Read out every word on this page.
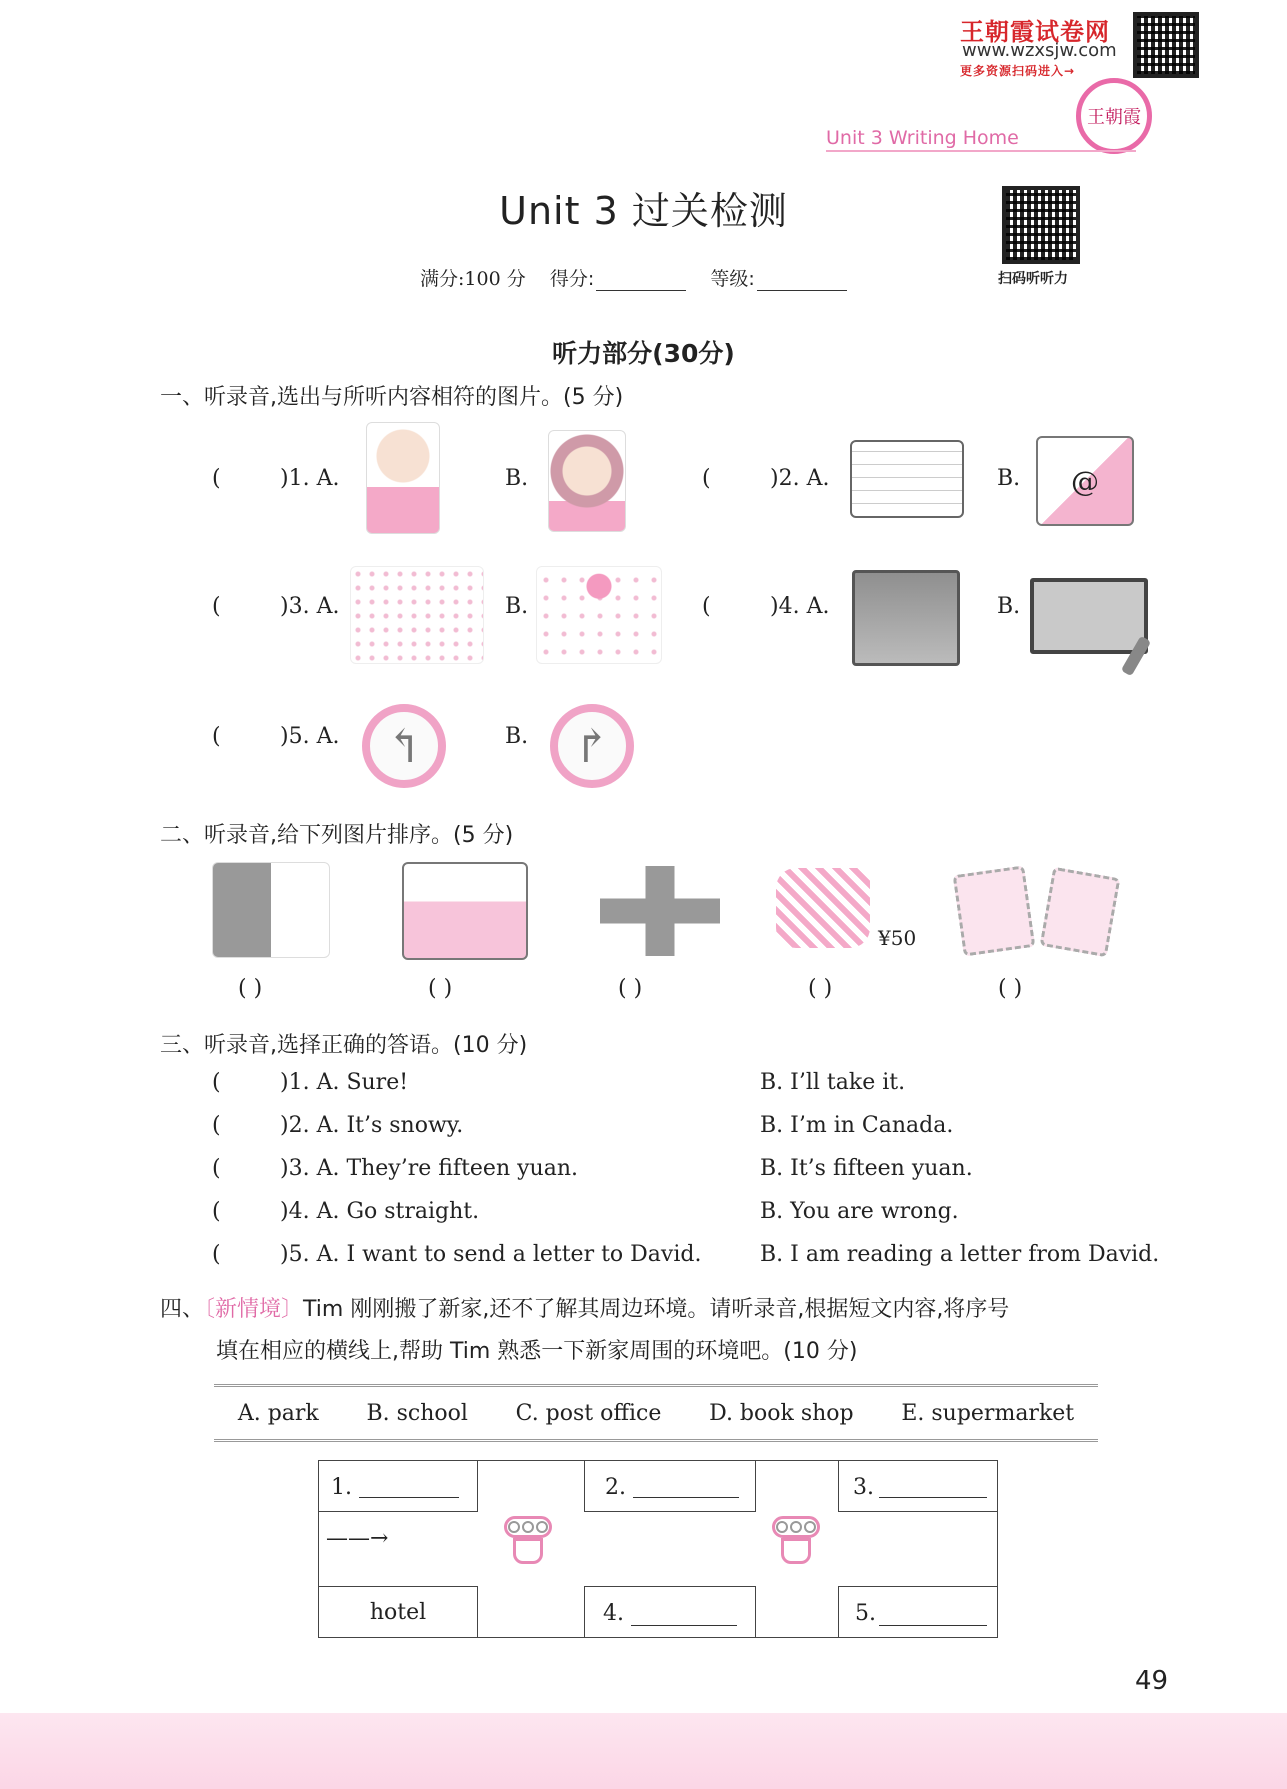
王朝霞试卷网
www.wzxsjw.com
更多资源扫码进入→
王朝霞
Unit 3 Writing Home
Unit 3 过关检测
扫码听听力
满分:100 分 得分:	等级:
听力部分(30分)
一、听录音,选出与所听内容相符的图片。(5 分)
(	)1. A.	B.	(	)2. A.	B. @
(	)3. A.	B.	(	)4. A.	B.
(	)5. A. ↰	B. ↱
二、听录音,给下列图片排序。(5 分)
¥50
( )	( )	( )	( )	( )
三、听录音,选择正确的答语。(10 分)
(	)1. A. Sure!	B. I’ll take it.
(	)2. A. It’s snowy.	B. I’m in Canada.
(	)3. A. They’re fifteen yuan.	B. It’s fifteen yuan.
(	)4. A. Go straight.	B. You are wrong.
(	)5. A. I want to send a letter to David.	B. I am reading a letter from David.
四、〔新情境〕Tim 刚刚搬了新家,还不了解其周边环境。请听录音,根据短文内容,将序号
填在相应的横线上,帮助 Tim 熟悉一下新家周围的环境吧。(10 分)
A. park B. school C. post office D. book shop E. supermarket
1.	2.	3.
——→
hotel	4.	5.
49
